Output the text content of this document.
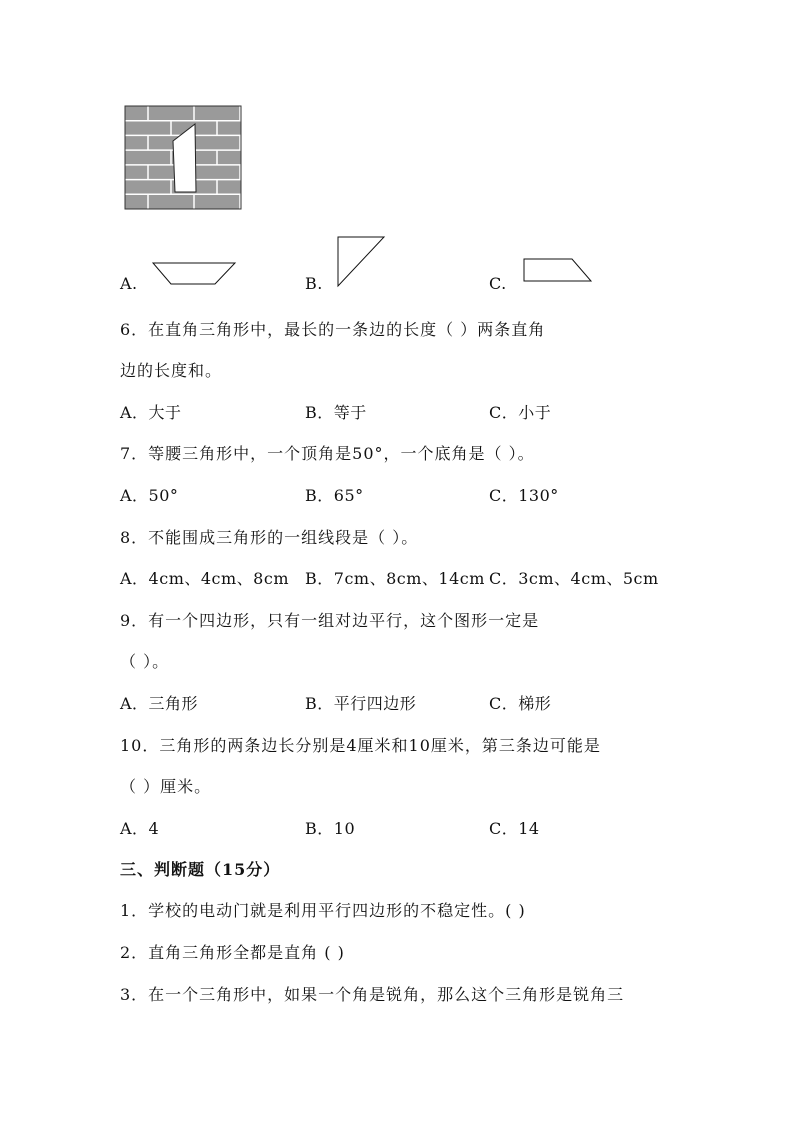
A.	B.	C.
6．在直角三角形中，最长的一条边的长度（ ）两条直角
边的长度和。
A．大于	B．等于	C．小于
7．等腰三角形中，一个顶角是50°，一个底角是（ ）。
A．50°	B．65°	C．130°
8．不能围成三角形的一组线段是（ ）。
A．4cm、4cm、8cm B．7cm、8cm、14cm C．3cm、4cm、5cm
9．有一个四边形，只有一组对边平行，这个图形一定是
（ ）。
A．三角形	B．平行四边形	C．梯形
10．三角形的两条边长分别是4厘米和10厘米，第三条边可能是
（ ）厘米。
A．4	B．10	C．14
三、判断题（15分）
1．学校的电动门就是利用平行四边形的不稳定性。( )
2．直角三角形全都是直角 ( )
3．在一个三角形中，如果一个角是锐角，那么这个三角形是锐角三
